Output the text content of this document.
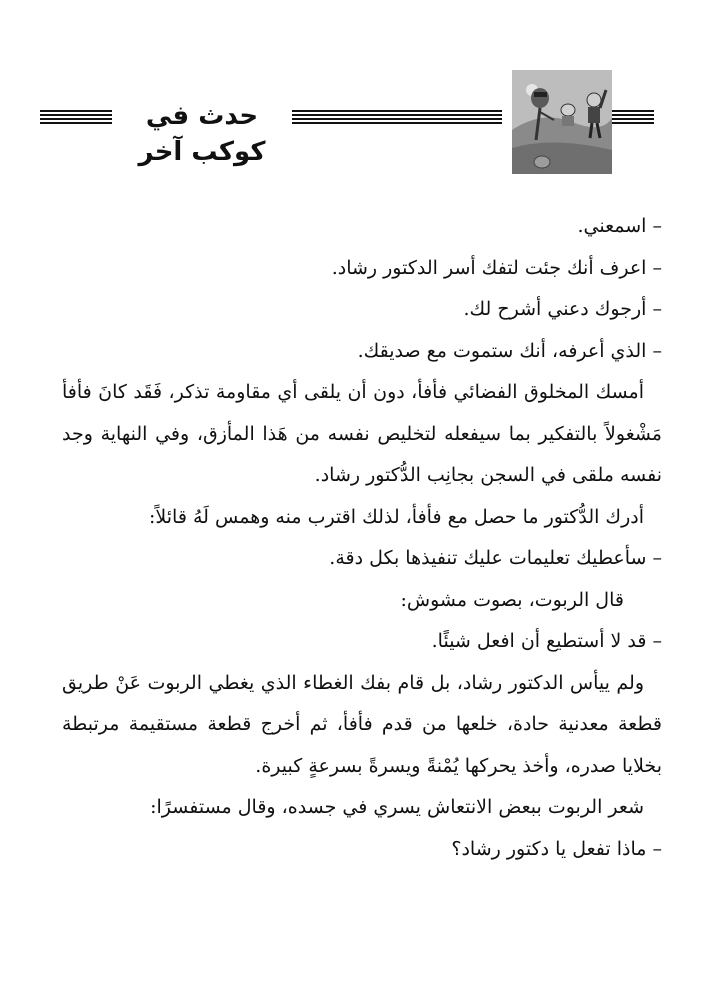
حدث في كوكب آخر

– اسمعني.

– اعرف أنك جئت لتفك أسر الدكتور رشاد.

– أرجوك دعني أشرح لك.

– الذي أعرفه، أنك ستموت مع صديقك.

أمسك المخلوق الفضائي فأفأ، دون أن يلقى أي مقاومة تذكر، فَقَد كانَ فأفأ مَشْغولاً بالتفكير بما سيفعله لتخليص نفسه من هَذا المأزق، وفي النهاية وجد نفسه ملقى في السجن بجانِب الدُّكتور رشاد.

أدرك الدُّكتور ما حصل مع فأفأ، لذلك اقترب منه وهمس لَهُ قائلاً:

– سأعطيك تعليمات عليك تنفيذها بكل دقة.

قال الربوت، بصوت مشوش:

– قد لا أستطيع أن افعل شيئًا.

ولم ييأس الدكتور رشاد، بل قام بفك الغطاء الذي يغطي الربوت عَنْ طريق قطعة معدنية حادة، خلعها من قدم فأفأ، ثم أخرج قطعة مستقيمة مرتبطة بخلايا صدره، وأخذ يحركها يُمْنةً ويسرةً بسرعةٍ كبيرة.

شعر الربوت ببعض الانتعاش يسري في جسده، وقال مستفسرًا:

– ماذا تفعل يا دكتور رشاد؟
